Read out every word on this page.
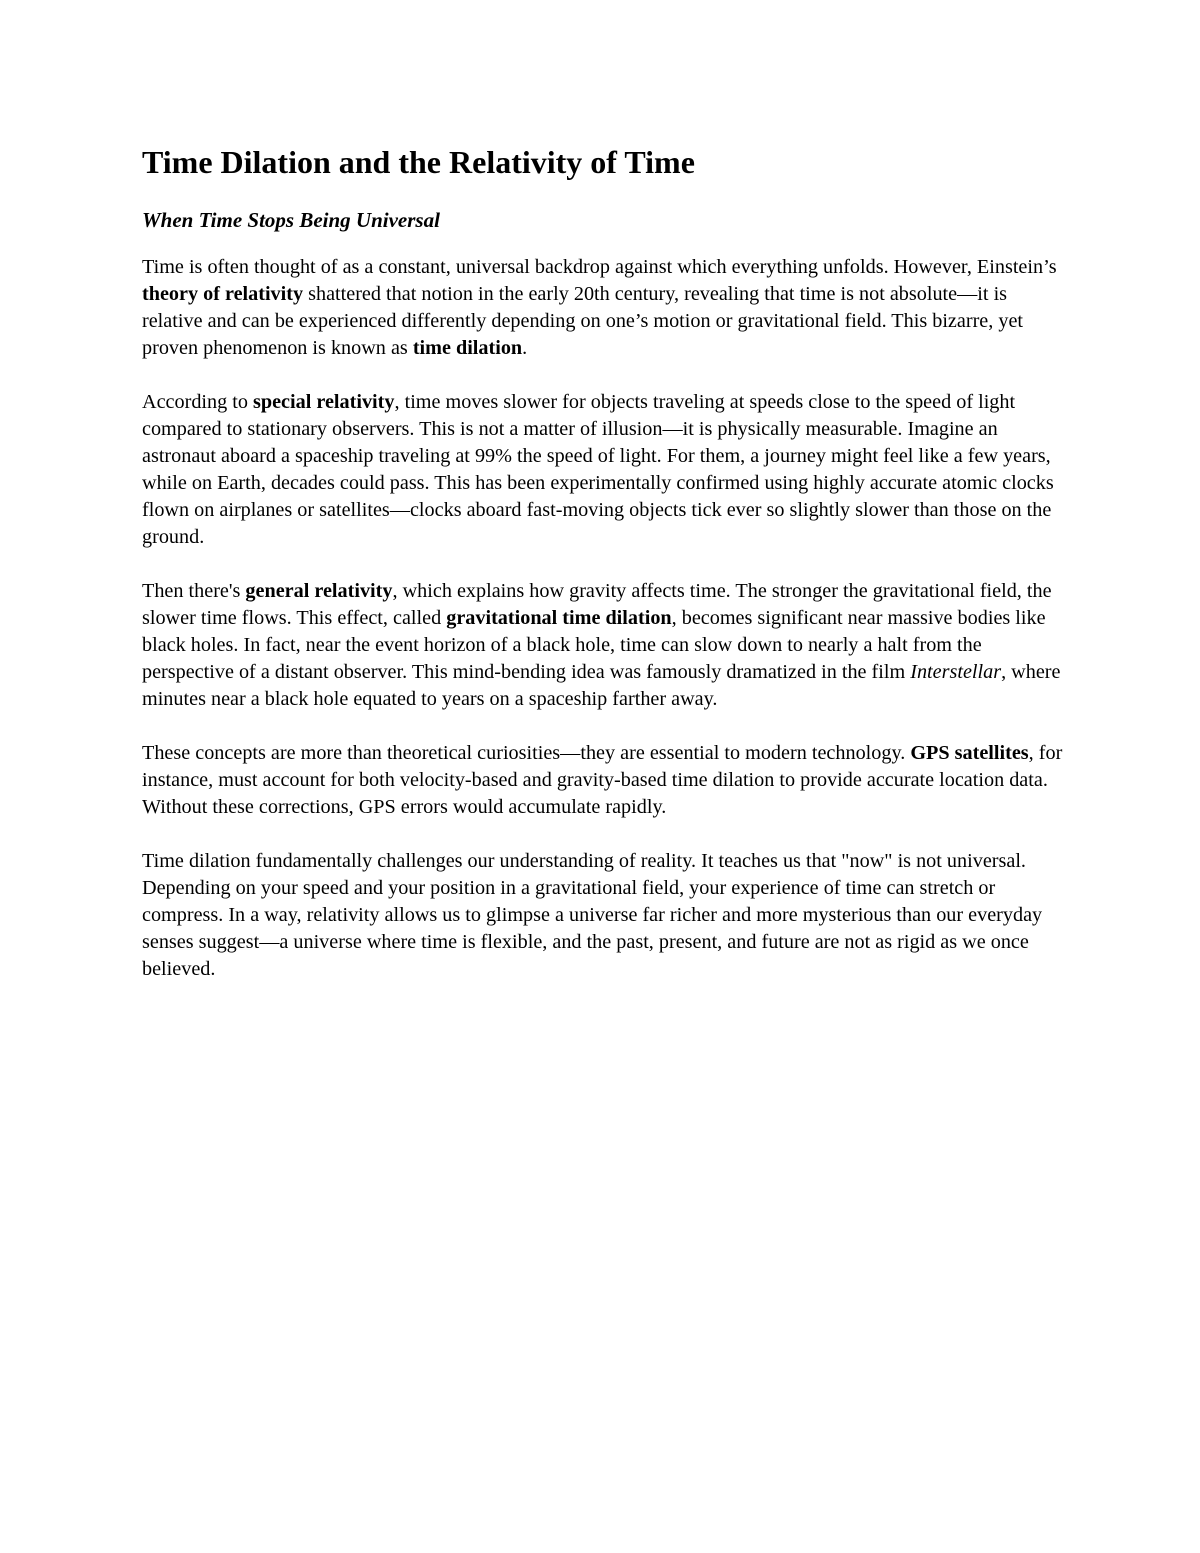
Time Dilation and the Relativity of Time
When Time Stops Being Universal

Time is often thought of as a constant, universal backdrop against which everything unfolds. However, Einstein’s theory of relativity shattered that notion in the early 20th century, revealing that time is not absolute—it is relative and can be experienced differently depending on one’s motion or gravitational field. This bizarre, yet proven phenomenon is known as time dilation.

According to special relativity, time moves slower for objects traveling at speeds close to the speed of light compared to stationary observers. This is not a matter of illusion—it is physically measurable. Imagine an astronaut aboard a spaceship traveling at 99% the speed of light. For them, a journey might feel like a few years, while on Earth, decades could pass. This has been experimentally confirmed using highly accurate atomic clocks flown on airplanes or satellites—clocks aboard fast-moving objects tick ever so slightly slower than those on the ground.

Then there's general relativity, which explains how gravity affects time. The stronger the gravitational field, the slower time flows. This effect, called gravitational time dilation, becomes significant near massive bodies like black holes. In fact, near the event horizon of a black hole, time can slow down to nearly a halt from the perspective of a distant observer. This mind-bending idea was famously dramatized in the film Interstellar, where minutes near a black hole equated to years on a spaceship farther away.

These concepts are more than theoretical curiosities—they are essential to modern technology. GPS satellites, for instance, must account for both velocity-based and gravity-based time dilation to provide accurate location data. Without these corrections, GPS errors would accumulate rapidly.

Time dilation fundamentally challenges our understanding of reality. It teaches us that "now" is not universal. Depending on your speed and your position in a gravitational field, your experience of time can stretch or compress. In a way, relativity allows us to glimpse a universe far richer and more mysterious than our everyday senses suggest—a universe where time is flexible, and the past, present, and future are not as rigid as we once believed.
